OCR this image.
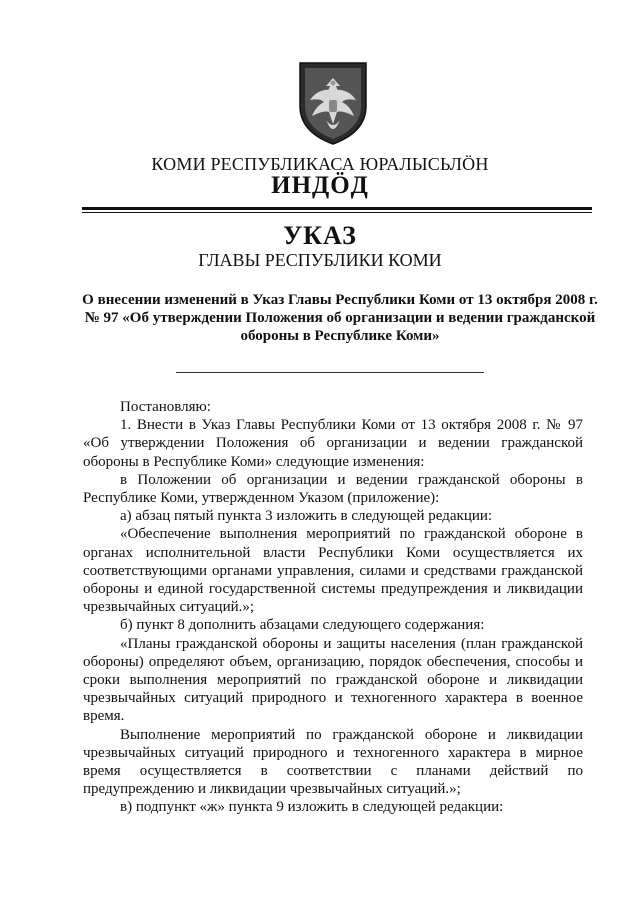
КОМИ РЕСПУБЛИКАСА ЮРАЛЫСЬЛӦН
ИНДӦД
УКАЗ
ГЛАВЫ РЕСПУБЛИКИ КОМИ
О внесении изменений в Указ Главы Республики Коми от 13 октября 2008 г. № 97 «Об утверждении Положения об организации и ведении гражданской обороны в Республике Коми»

Постановляю:

1. Внести в Указ Главы Республики Коми от 13 октября 2008 г. № 97 «Об утверждении Положения об организации и ведении гражданской обороны в Республике Коми» следующие изменения:

в Положении об организации и ведении гражданской обороны в Республике Коми, утвержденном Указом (приложение):

а) абзац пятый пункта 3 изложить в следующей редакции:

«Обеспечение выполнения мероприятий по гражданской обороне в органах исполнительной власти Республики Коми осуществляется их соответствующими органами управления, силами и средствами гражданской обороны и единой государственной системы предупреждения и ликвидации чрезвычайных ситуаций.»;

б) пункт 8 дополнить абзацами следующего содержания:

«Планы гражданской обороны и защиты населения (план гражданской обороны) определяют объем, организацию, порядок обеспечения, способы и сроки выполнения мероприятий по гражданской обороне и ликвидации чрезвычайных ситуаций природного и техногенного характера в военное время.

Выполнение мероприятий по гражданской обороне и ликвидации чрезвычайных ситуаций природного и техногенного характера в мирное время осуществляется в соответствии с планами действий по предупреждению и ликвидации чрезвычайных ситуаций.»;

в) подпункт «ж» пункта 9 изложить в следующей редакции:
